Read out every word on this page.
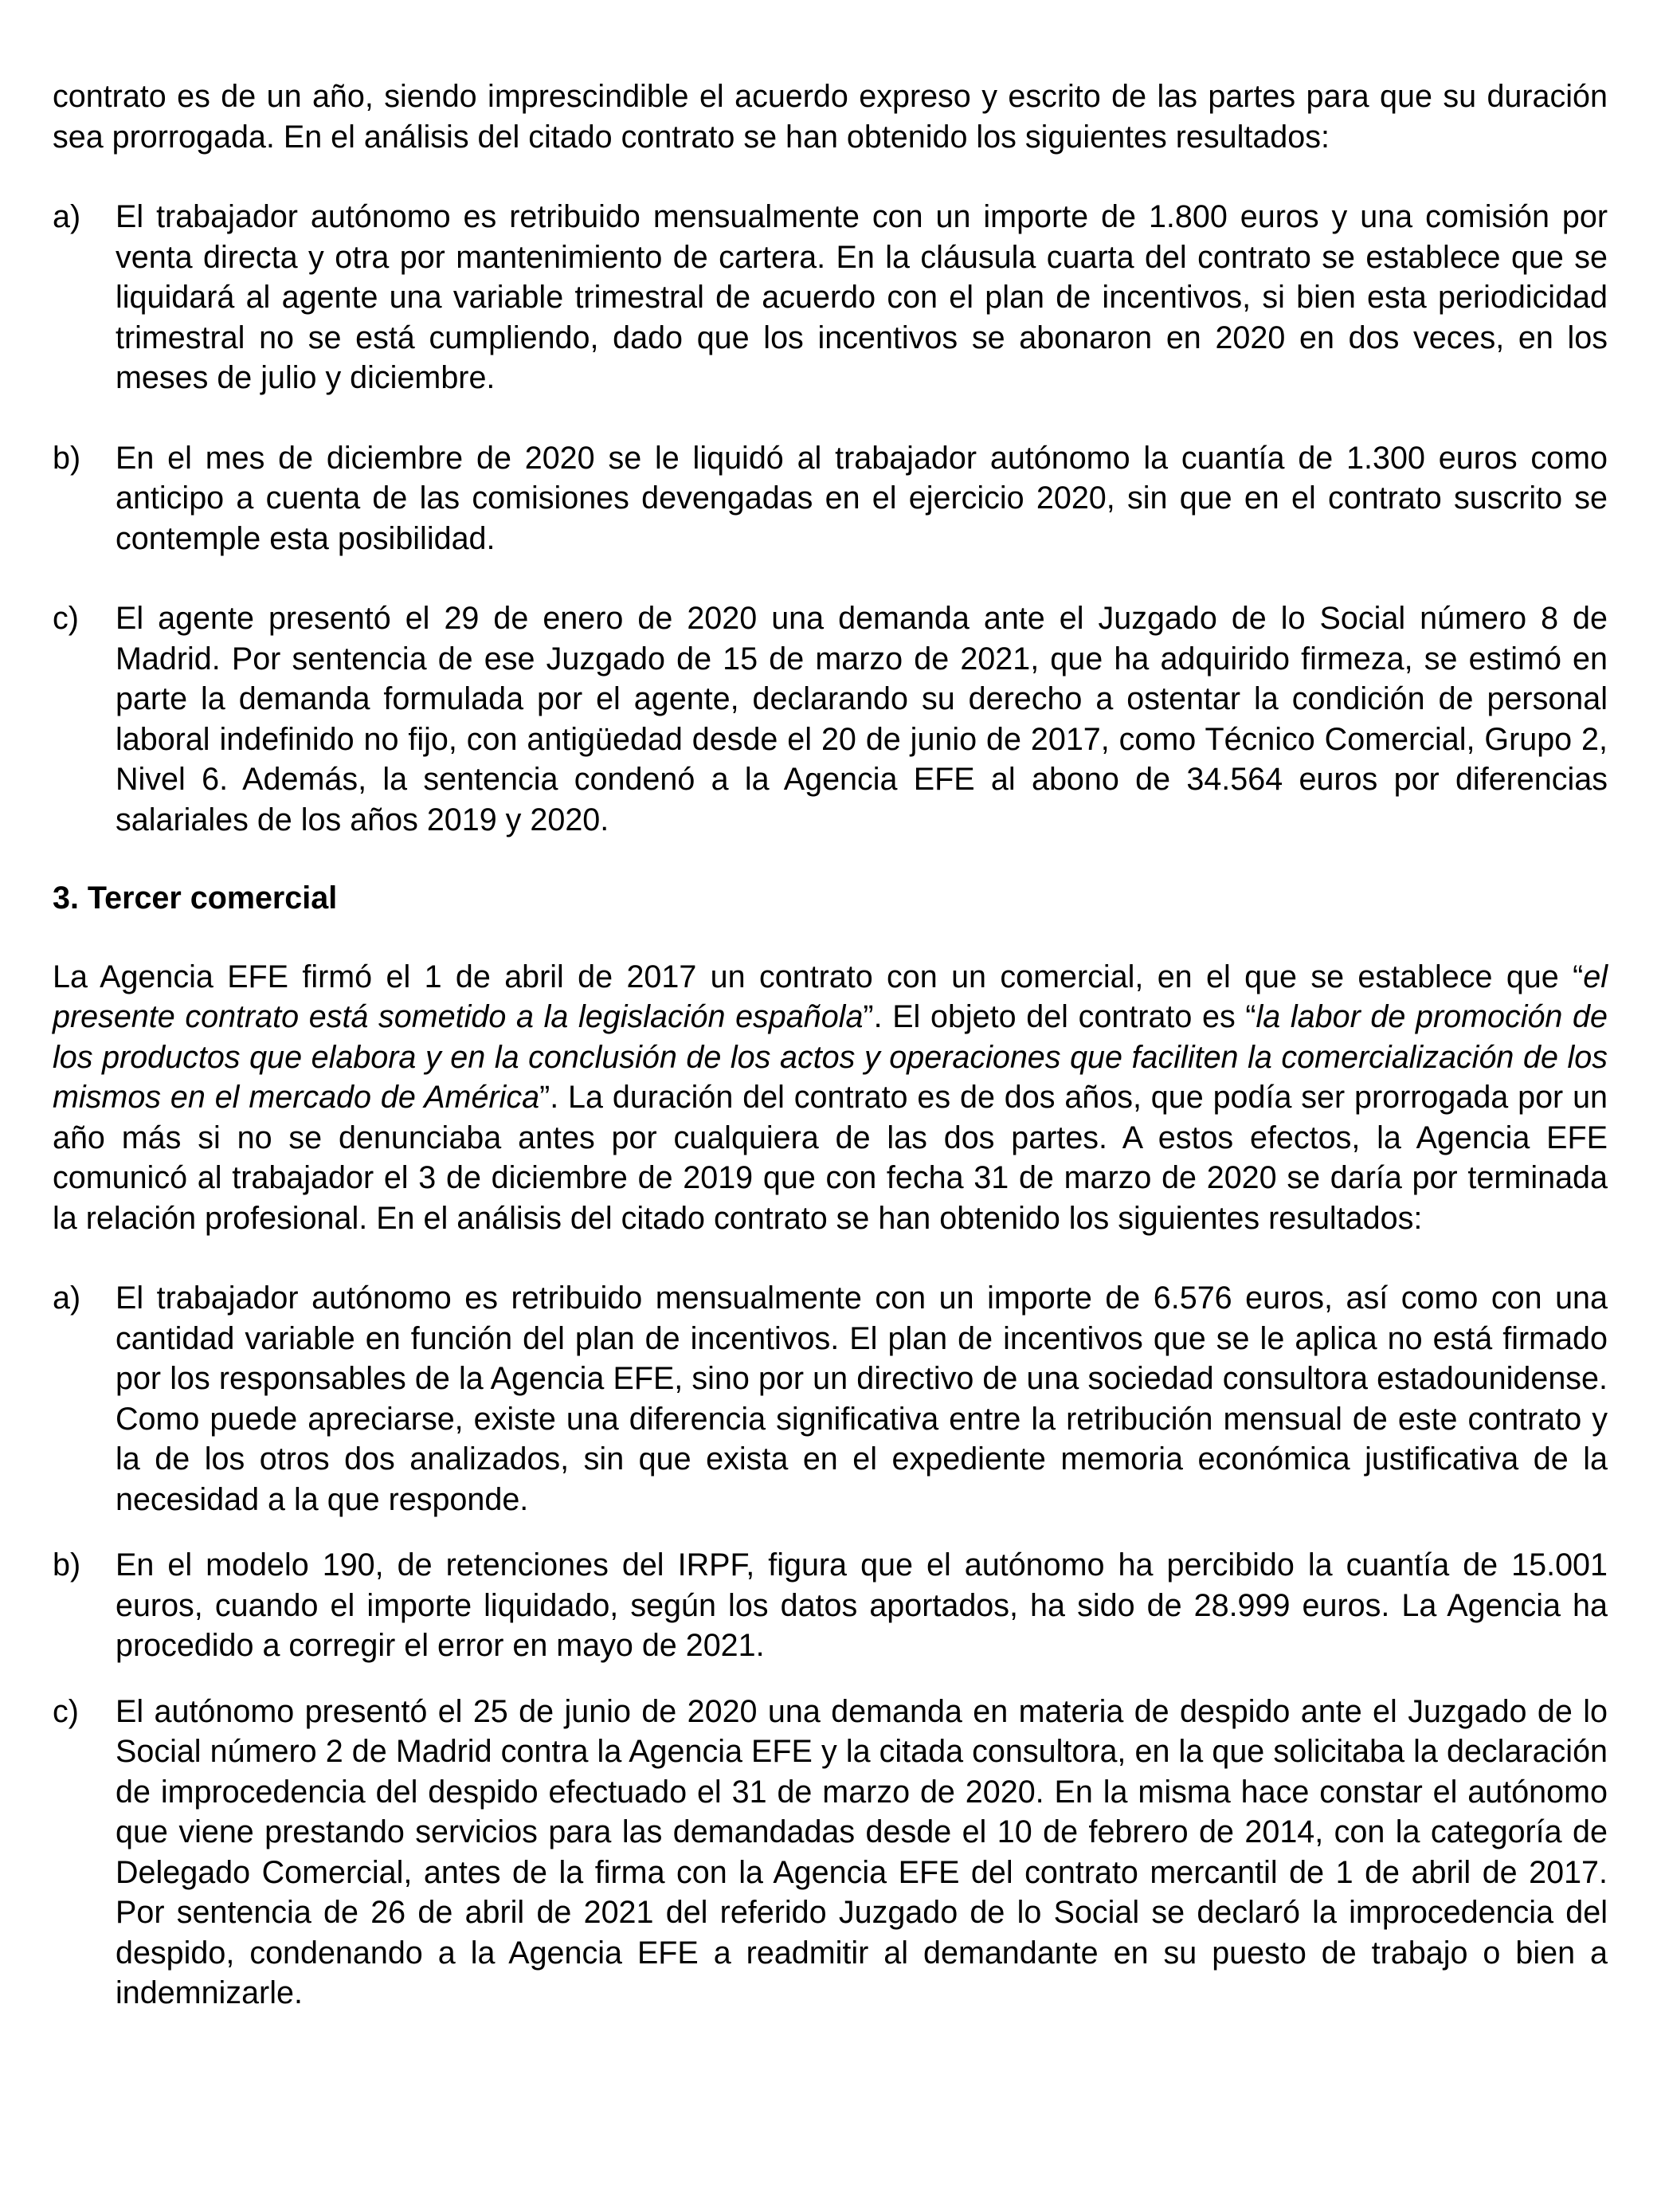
contrato es de un año, siendo imprescindible el acuerdo expreso y escrito de las partes para que su duración sea prorrogada. En el análisis del citado contrato se han obtenido los siguientes resultados:

a)	El trabajador autónomo es retribuido mensualmente con un importe de 1.800 euros y una comisión por venta directa y otra por mantenimiento de cartera. En la cláusula cuarta del contrato se establece que se liquidará al agente una variable trimestral de acuerdo con el plan de incentivos, si bien esta periodicidad trimestral no se está cumpliendo, dado que los incentivos se abonaron en 2020 en dos veces, en los meses de julio y diciembre.
b)	En el mes de diciembre de 2020 se le liquidó al trabajador autónomo la cuantía de 1.300 euros como anticipo a cuenta de las comisiones devengadas en el ejercicio 2020, sin que en el contrato suscrito se contemple esta posibilidad.
c)	El agente presentó el 29 de enero de 2020 una demanda ante el Juzgado de lo Social número 8 de Madrid. Por sentencia de ese Juzgado de 15 de marzo de 2021, que ha adquirido firmeza, se estimó en parte la demanda formulada por el agente, declarando su derecho a ostentar la condición de personal laboral indefinido no fijo, con antigüedad desde el 20 de junio de 2017, como Técnico Comercial, Grupo 2, Nivel 6. Además, la sentencia condenó a la Agencia EFE al abono de 34.564 euros por diferencias salariales de los años 2019 y 2020.

3. Tercer comercial

La Agencia EFE firmó el 1 de abril de 2017 un contrato con un comercial, en el que se establece que “el presente contrato está sometido a la legislación española”. El objeto del contrato es “la labor de promoción de los productos que elabora y en la conclusión de los actos y operaciones que faciliten la comercialización de los mismos en el mercado de América”. La duración del contrato es de dos años, que podía ser prorrogada por un año más si no se denunciaba antes por cualquiera de las dos partes. A estos efectos, la Agencia EFE comunicó al trabajador el 3 de diciembre de 2019 que con fecha 31 de marzo de 2020 se daría por terminada la relación profesional. En el análisis del citado contrato se han obtenido los siguientes resultados:

a)	El trabajador autónomo es retribuido mensualmente con un importe de 6.576 euros, así como con una cantidad variable en función del plan de incentivos. El plan de incentivos que se le aplica no está firmado por los responsables de la Agencia EFE, sino por un directivo de una sociedad consultora estadounidense. Como puede apreciarse, existe una diferencia significativa entre la retribución mensual de este contrato y la de los otros dos analizados, sin que exista en el expediente memoria económica justificativa de la necesidad a la que responde.
b)	En el modelo 190, de retenciones del IRPF, figura que el autónomo ha percibido la cuantía de 15.001 euros, cuando el importe liquidado, según los datos aportados, ha sido de 28.999 euros. La Agencia ha procedido a corregir el error en mayo de 2021.
c)	El autónomo presentó el 25 de junio de 2020 una demanda en materia de despido ante el Juzgado de lo Social número 2 de Madrid contra la Agencia EFE y la citada consultora, en la que solicitaba la declaración de improcedencia del despido efectuado el 31 de marzo de 2020. En la misma hace constar el autónomo que viene prestando servicios para las demandadas desde el 10 de febrero de 2014, con la categoría de Delegado Comercial, antes de la firma con la Agencia EFE del contrato mercantil de 1 de abril de 2017. Por sentencia de 26 de abril de 2021 del referido Juzgado de lo Social se declaró la improcedencia del despido, condenando a la Agencia EFE a readmitir al demandante en su puesto de trabajo o bien a indemnizarle.
